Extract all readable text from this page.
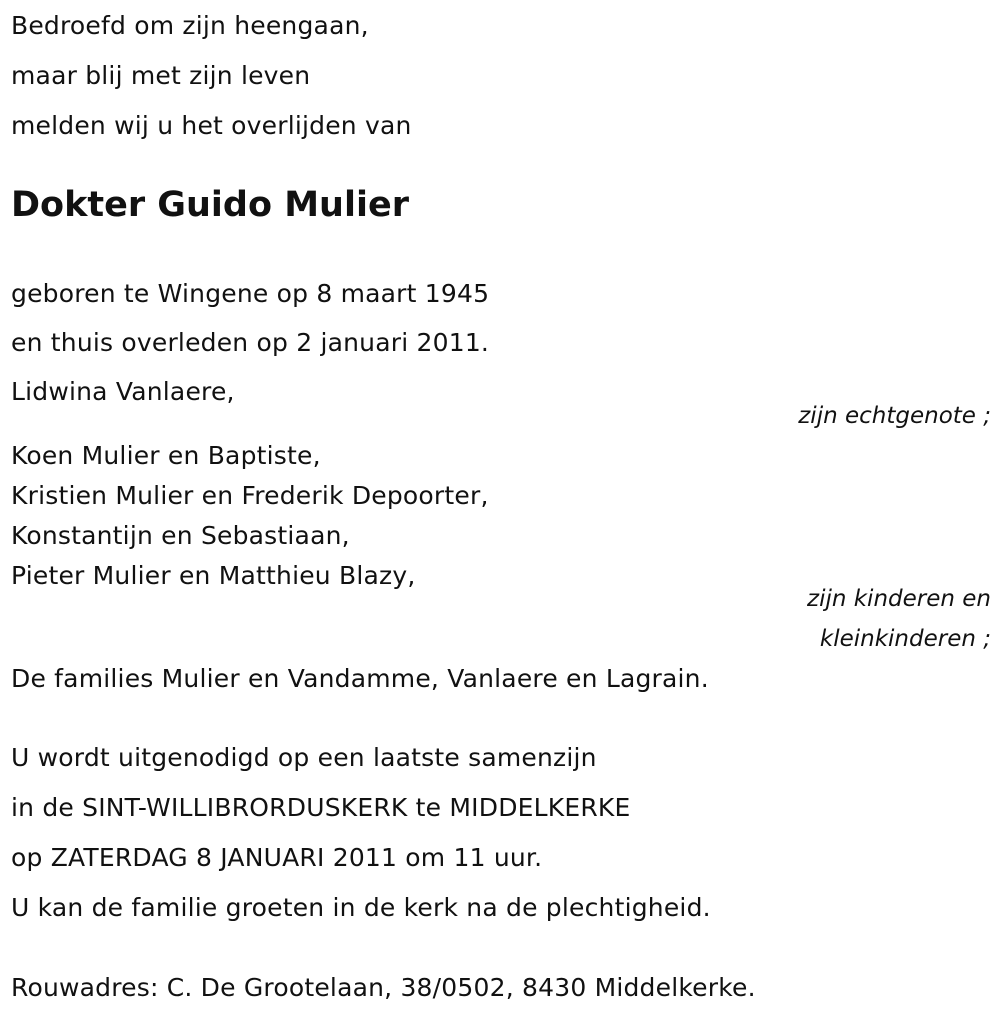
Bedroefd om zijn heengaan,
maar blij met zijn leven
melden wij u het overlijden van
Dokter Guido Mulier
geboren te Wingene op 8 maart 1945
en thuis overleden op 2 januari 2011.
Lidwina Vanlaere,
zijn echtgenote ;
Koen Mulier en Baptiste,
Kristien Mulier en Frederik Depoorter,
Konstantijn en Sebastiaan,
Pieter Mulier en Matthieu Blazy,
zijn kinderen en
kleinkinderen ;
De families Mulier en Vandamme, Vanlaere en Lagrain.
U wordt uitgenodigd op een laatste samenzijn
in de SINT-WILLIBRORDUSKERK te MIDDELKERKE
op ZATERDAG 8 JANUARI 2011 om 11 uur.
U kan de familie groeten in de kerk na de plechtigheid.
Rouwadres: C. De Grootelaan, 38/0502, 8430 Middelkerke.
